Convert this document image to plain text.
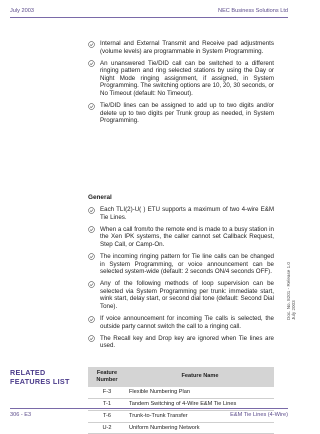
July 2003	NEC Business Solutions Ltd
Internal and External Transmit and Receive pad adjustments (volume levels) are programmable in System Programming.
An unanswered Tie/DID call can be switched to a different ringing pattern and ring selected stations by using the Day or Night Mode ringing assignment, if assigned, in System Programming. The switching options are 10, 20, 30 seconds, or No Timeout (default: No Timeout).
Tie/DID lines can be assigned to add up to two digits and/or delete up to two digits per Trunk group as needed, in System Programming.
General
Each TLI(2)-U( ) ETU supports a maximum of two 4-wire E&M Tie Lines.
When a call from/to the remote end is made to a busy station in the Xen IPK systems, the caller cannot set Callback Request, Step Call, or Camp-On.
The incoming ringing pattern for Tie line calls can be changed in System Programming, or voice announcement can be selected system-wide (default: 2 seconds ON/4 seconds OFF).
Any of the following methods of loop supervision can be selected via System Programming per trunk: immediate start, wink start, delay start, or second dial tone (default: Second Dial Tone).
If voice announcement for incoming Tie calls is selected, the outside party cannot switch the call to a ringing call.
The Recall key and Drop key are ignored when Tie lines are used.
RELATED
FEATURES LIST
Feature
Number	Feature Name
F-3	Flexible Numbering Plan
T-1	Tandem Switching of 4-Wire E&M Tie Lines
T-6	Trunk-to-Trunk Transfer
U-2	Uniform Numbering Network
Doc. No. 8201 - Release 1.0 July 2003
306 - E3	E&M Tie Lines (4-Wire)
